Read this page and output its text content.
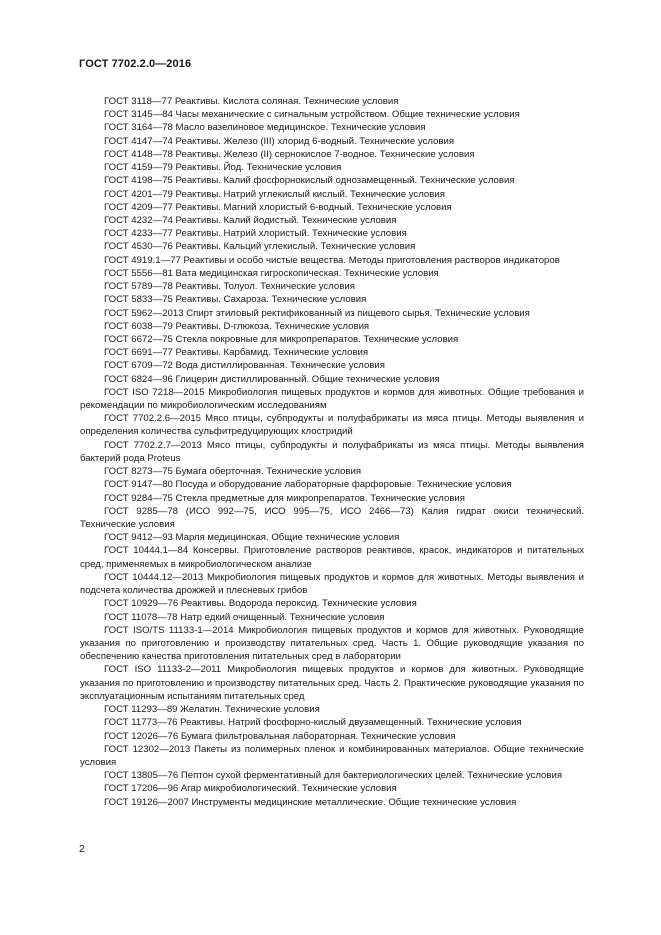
ГОСТ 7702.2.0—2016
ГОСТ 3118—77 Реактивы. Кислота соляная. Технические условия
ГОСТ 3145—84 Часы механические с сигнальным устройством. Общие технические условия
ГОСТ 3164—78 Масло вазелиновое медицинское. Технические условия
ГОСТ 4147—74 Реактивы. Железо (III) хлорид 6-водный. Технические условия
ГОСТ 4148—78 Реактивы. Железо (II) сернокислое 7-водное. Технические условия
ГОСТ 4159—79 Реактивы. Йод. Технические условия
ГОСТ 4198—75 Реактивы. Калий фосфорнокислый однозамещенный. Технические условия
ГОСТ 4201—79 Реактивы. Натрий углекислый кислый. Технические условия
ГОСТ 4209—77 Реактивы. Магний хлористый 6-водный. Технические условия
ГОСТ 4232—74 Реактивы. Калий йодистый. Технические условия
ГОСТ 4233—77 Реактивы. Натрий хлористый. Технические условия
ГОСТ 4530—76 Реактивы. Кальций углекислый. Технические условия
ГОСТ 4919.1—77 Реактивы и особо чистые вещества. Методы приготовления растворов индикаторов
ГОСТ 5556—81 Вата медицинская гигроскопическая. Технические условия
ГОСТ 5789—78 Реактивы. Толуол. Технические условия
ГОСТ 5833—75 Реактивы. Сахароза. Технические условия
ГОСТ 5962—2013 Спирт этиловый ректификованный из пищевого сырья. Технические условия
ГОСТ 6038—79 Реактивы. D-глюкоза. Технические условия
ГОСТ 6672—75 Стекла покровные для микропрепаратов. Технические условия
ГОСТ 6691—77 Реактивы. Карбамид. Технические условия
ГОСТ 6709—72 Вода дистиллированная. Технические условия
ГОСТ 6824—96 Глицерин дистиллированный. Общие технические условия
ГОСТ ISO 7218—2015 Микробиология пищевых продуктов и кормов для животных. Общие требования и рекомендации по микробиологическим исследованиям
ГОСТ 7702.2.6—2015 Мясо птицы, субпродукты и полуфабрикаты из мяса птицы. Методы выявления и определения количества сульфитредуцирующих клостридий
ГОСТ 7702.2.7—2013 Мясо птицы, субпродукты и полуфабрикаты из мяса птицы. Методы выявления бактерий рода Proteus
ГОСТ 8273—75 Бумага оберточная. Технические условия
ГОСТ 9147—80 Посуда и оборудование лабораторные фарфоровые. Технические условия
ГОСТ 9284—75 Стекла предметные для микропрепаратов. Технические условия
ГОСТ 9285—78 (ИСО 992—75, ИСО 995—75, ИСО 2466—73) Калия гидрат окиси технический. Технические условия
ГОСТ 9412—93 Марля медицинская. Общие технические условия
ГОСТ 10444.1—84 Консервы. Приготовление растворов реактивов, красок, индикаторов и питательных сред, применяемых в микробиологическом анализе
ГОСТ 10444.12—2013 Микробиология пищевых продуктов и кормов для животных. Методы выявления и подсчета количества дрожжей и плесневых грибов
ГОСТ 10929—76 Реактивы. Водорода пероксид. Технические условия
ГОСТ 11078—78 Натр едкий очищенный. Технические условия
ГОСТ ISO/TS 11133-1—2014 Микробиология пищевых продуктов и кормов для животных. Руководящие указания по приготовлению и производству питательных сред. Часть 1. Общие руководящие указания по обеспечению качества приготовления питательных сред в лаборатории
ГОСТ ISO 11133-2—2011 Микробиология пищевых продуктов и кормов для животных. Руководящие указания по приготовлению и производству питательных сред. Часть 2. Практические руководящие указания по эксплуатационным испытаниям питательных сред
ГОСТ 11293—89 Желатин. Технические условия
ГОСТ 11773—76 Реактивы. Натрий фосфорно-кислый двузамещенный. Технические условия
ГОСТ 12026—76 Бумага фильтровальная лабораторная. Технические условия
ГОСТ 12302—2013 Пакеты из полимерных пленок и комбинированных материалов. Общие технические условия
ГОСТ 13805—76 Пептон сухой ферментативный для бактериологических целей. Технические условия
ГОСТ 17206—96 Агар микробиологический. Технические условия
ГОСТ 19126—2007 Инструменты медицинские металлические. Общие технические условия
2
